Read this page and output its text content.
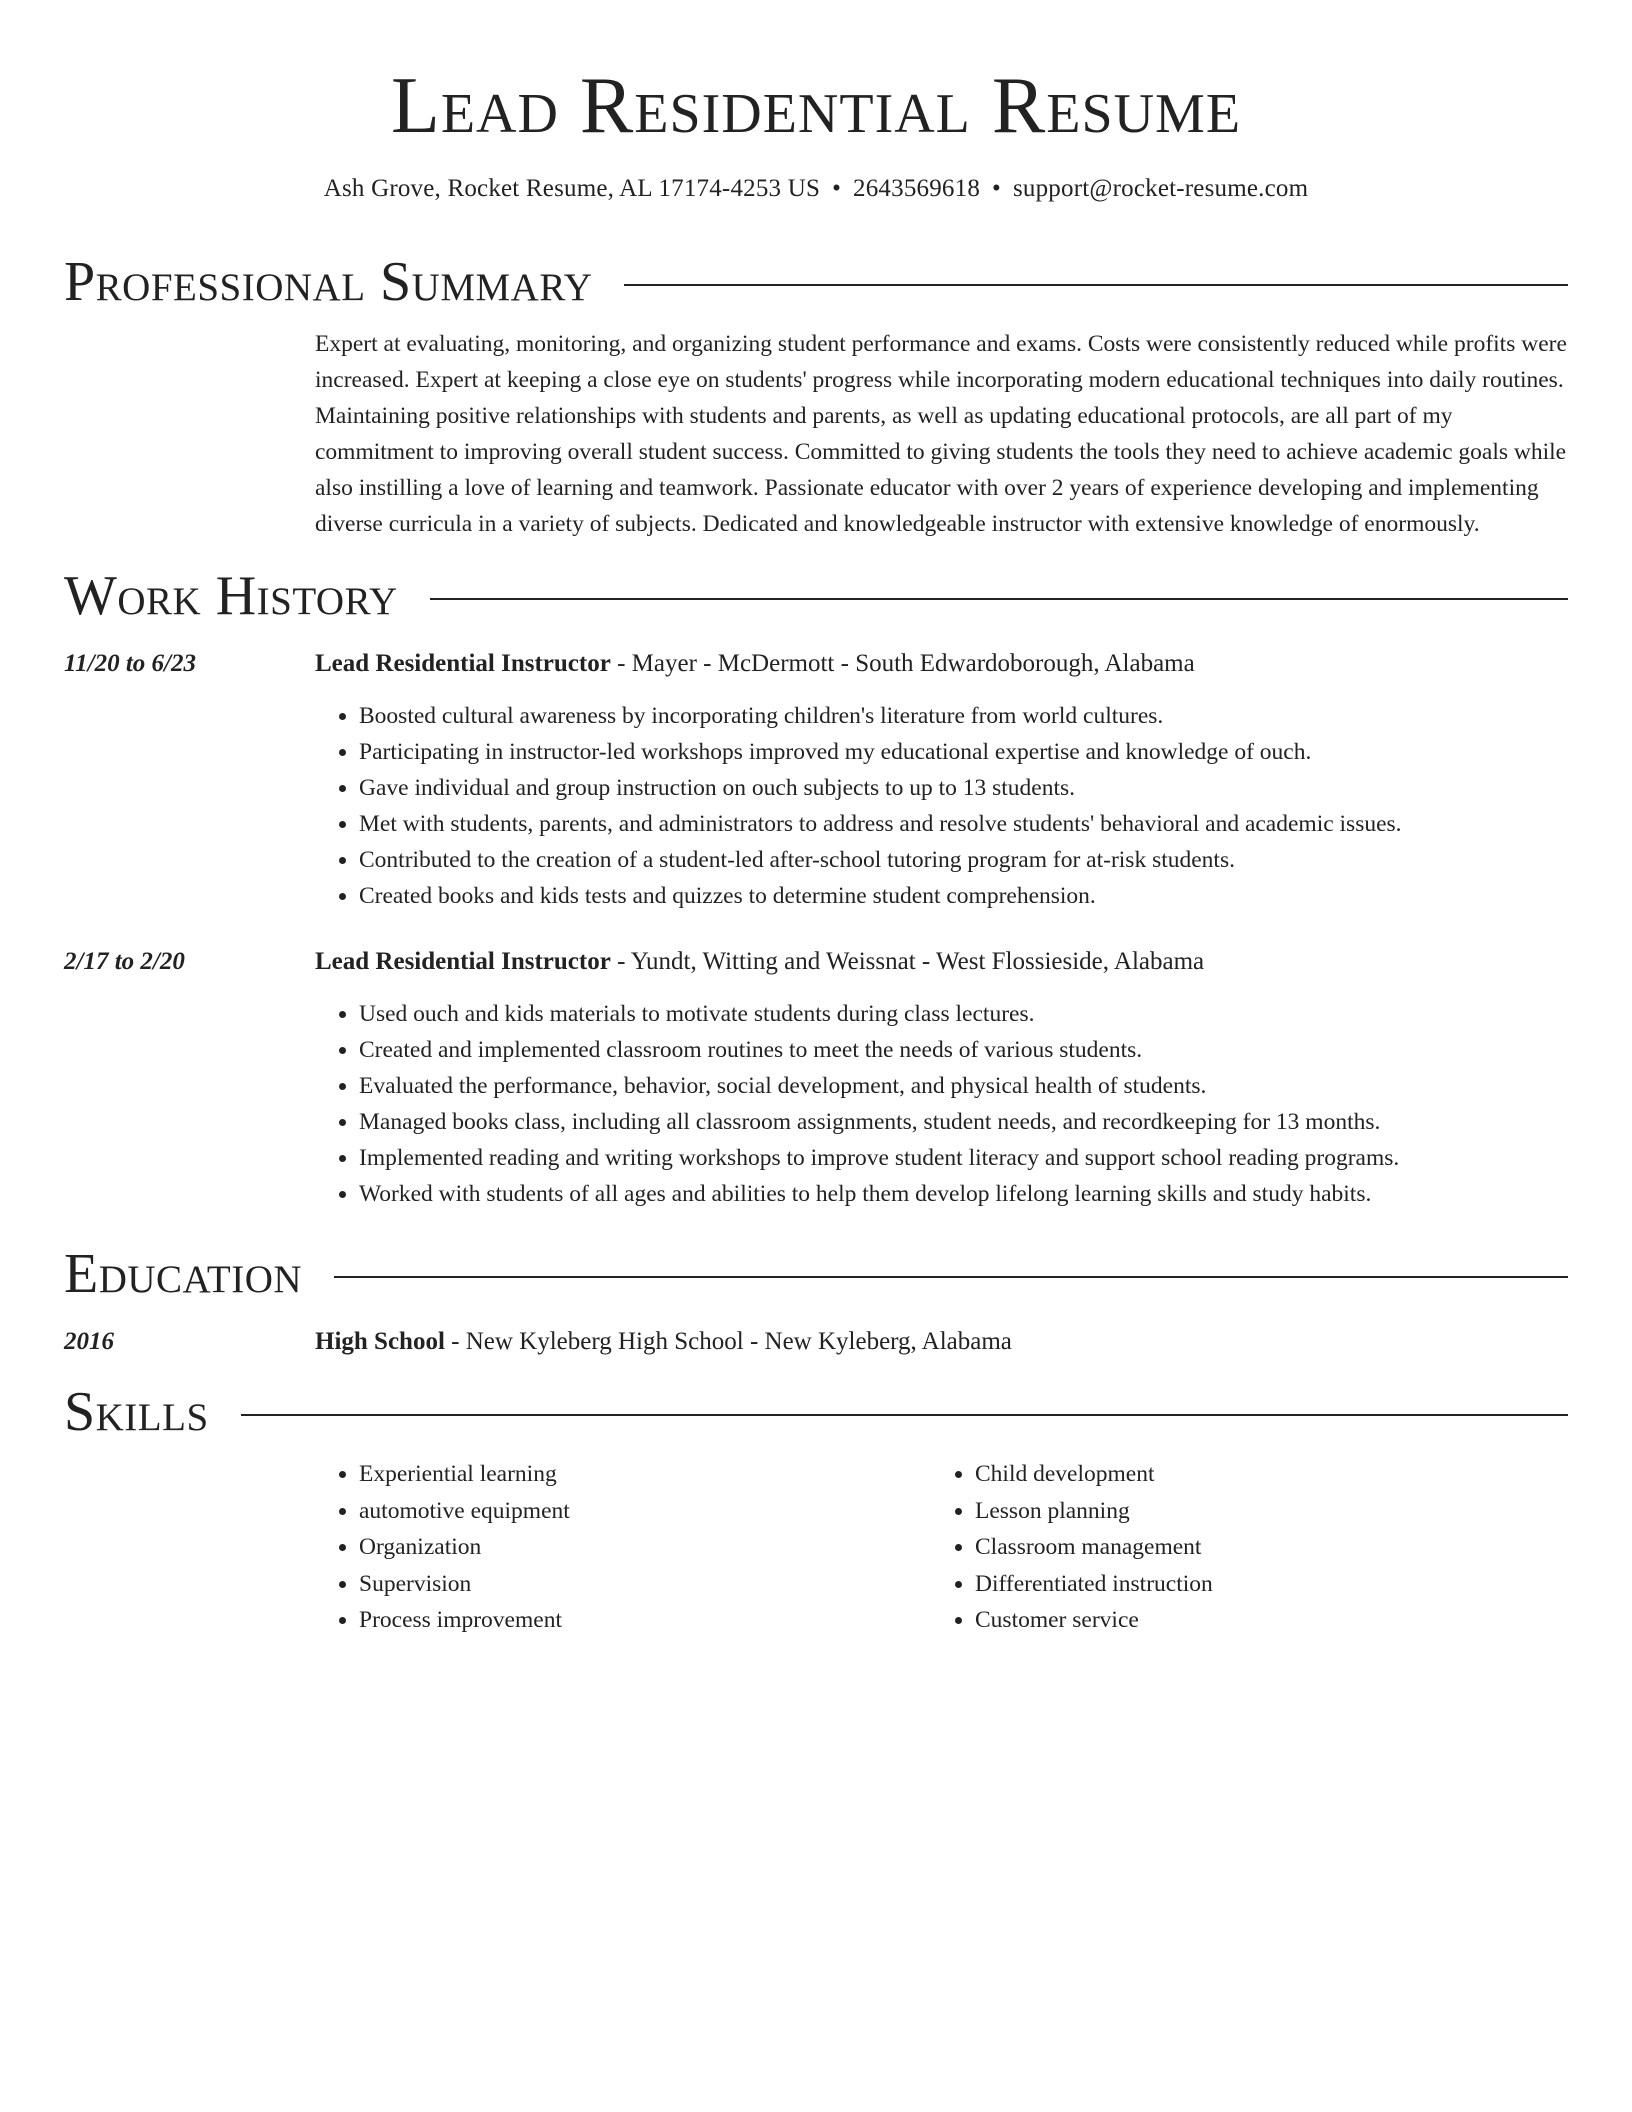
Lead Residential Resume
Ash Grove, Rocket Resume, AL 17174-4253 US • 2643569618 • support@rocket-resume.com
Professional Summary
Expert at evaluating, monitoring, and organizing student performance and exams. Costs were consistently reduced while profits were increased. Expert at keeping a close eye on students' progress while incorporating modern educational techniques into daily routines. Maintaining positive relationships with students and parents, as well as updating educational protocols, are all part of my commitment to improving overall student success. Committed to giving students the tools they need to achieve academic goals while also instilling a love of learning and teamwork. Passionate educator with over 2 years of experience developing and implementing diverse curricula in a variety of subjects. Dedicated and knowledgeable instructor with extensive knowledge of enormously.
Work History
11/20 to 6/23	Lead Residential Instructor - Mayer - McDermott - South Edwardoborough, Alabama
• Boosted cultural awareness by incorporating children's literature from world cultures.
• Participating in instructor-led workshops improved my educational expertise and knowledge of ouch.
• Gave individual and group instruction on ouch subjects to up to 13 students.
• Met with students, parents, and administrators to address and resolve students' behavioral and academic issues.
• Contributed to the creation of a student-led after-school tutoring program for at-risk students.
• Created books and kids tests and quizzes to determine student comprehension.
2/17 to 2/20	Lead Residential Instructor - Yundt, Witting and Weissnat - West Flossieside, Alabama
• Used ouch and kids materials to motivate students during class lectures.
• Created and implemented classroom routines to meet the needs of various students.
• Evaluated the performance, behavior, social development, and physical health of students.
• Managed books class, including all classroom assignments, student needs, and recordkeeping for 13 months.
• Implemented reading and writing workshops to improve student literacy and support school reading programs.
• Worked with students of all ages and abilities to help them develop lifelong learning skills and study habits.
Education
2016	High School - New Kyleberg High School - New Kyleberg, Alabama
Skills
• Experiential learning
• automotive equipment
• Organization
• Supervision
• Process improvement
• Child development
• Lesson planning
• Classroom management
• Differentiated instruction
• Customer service
